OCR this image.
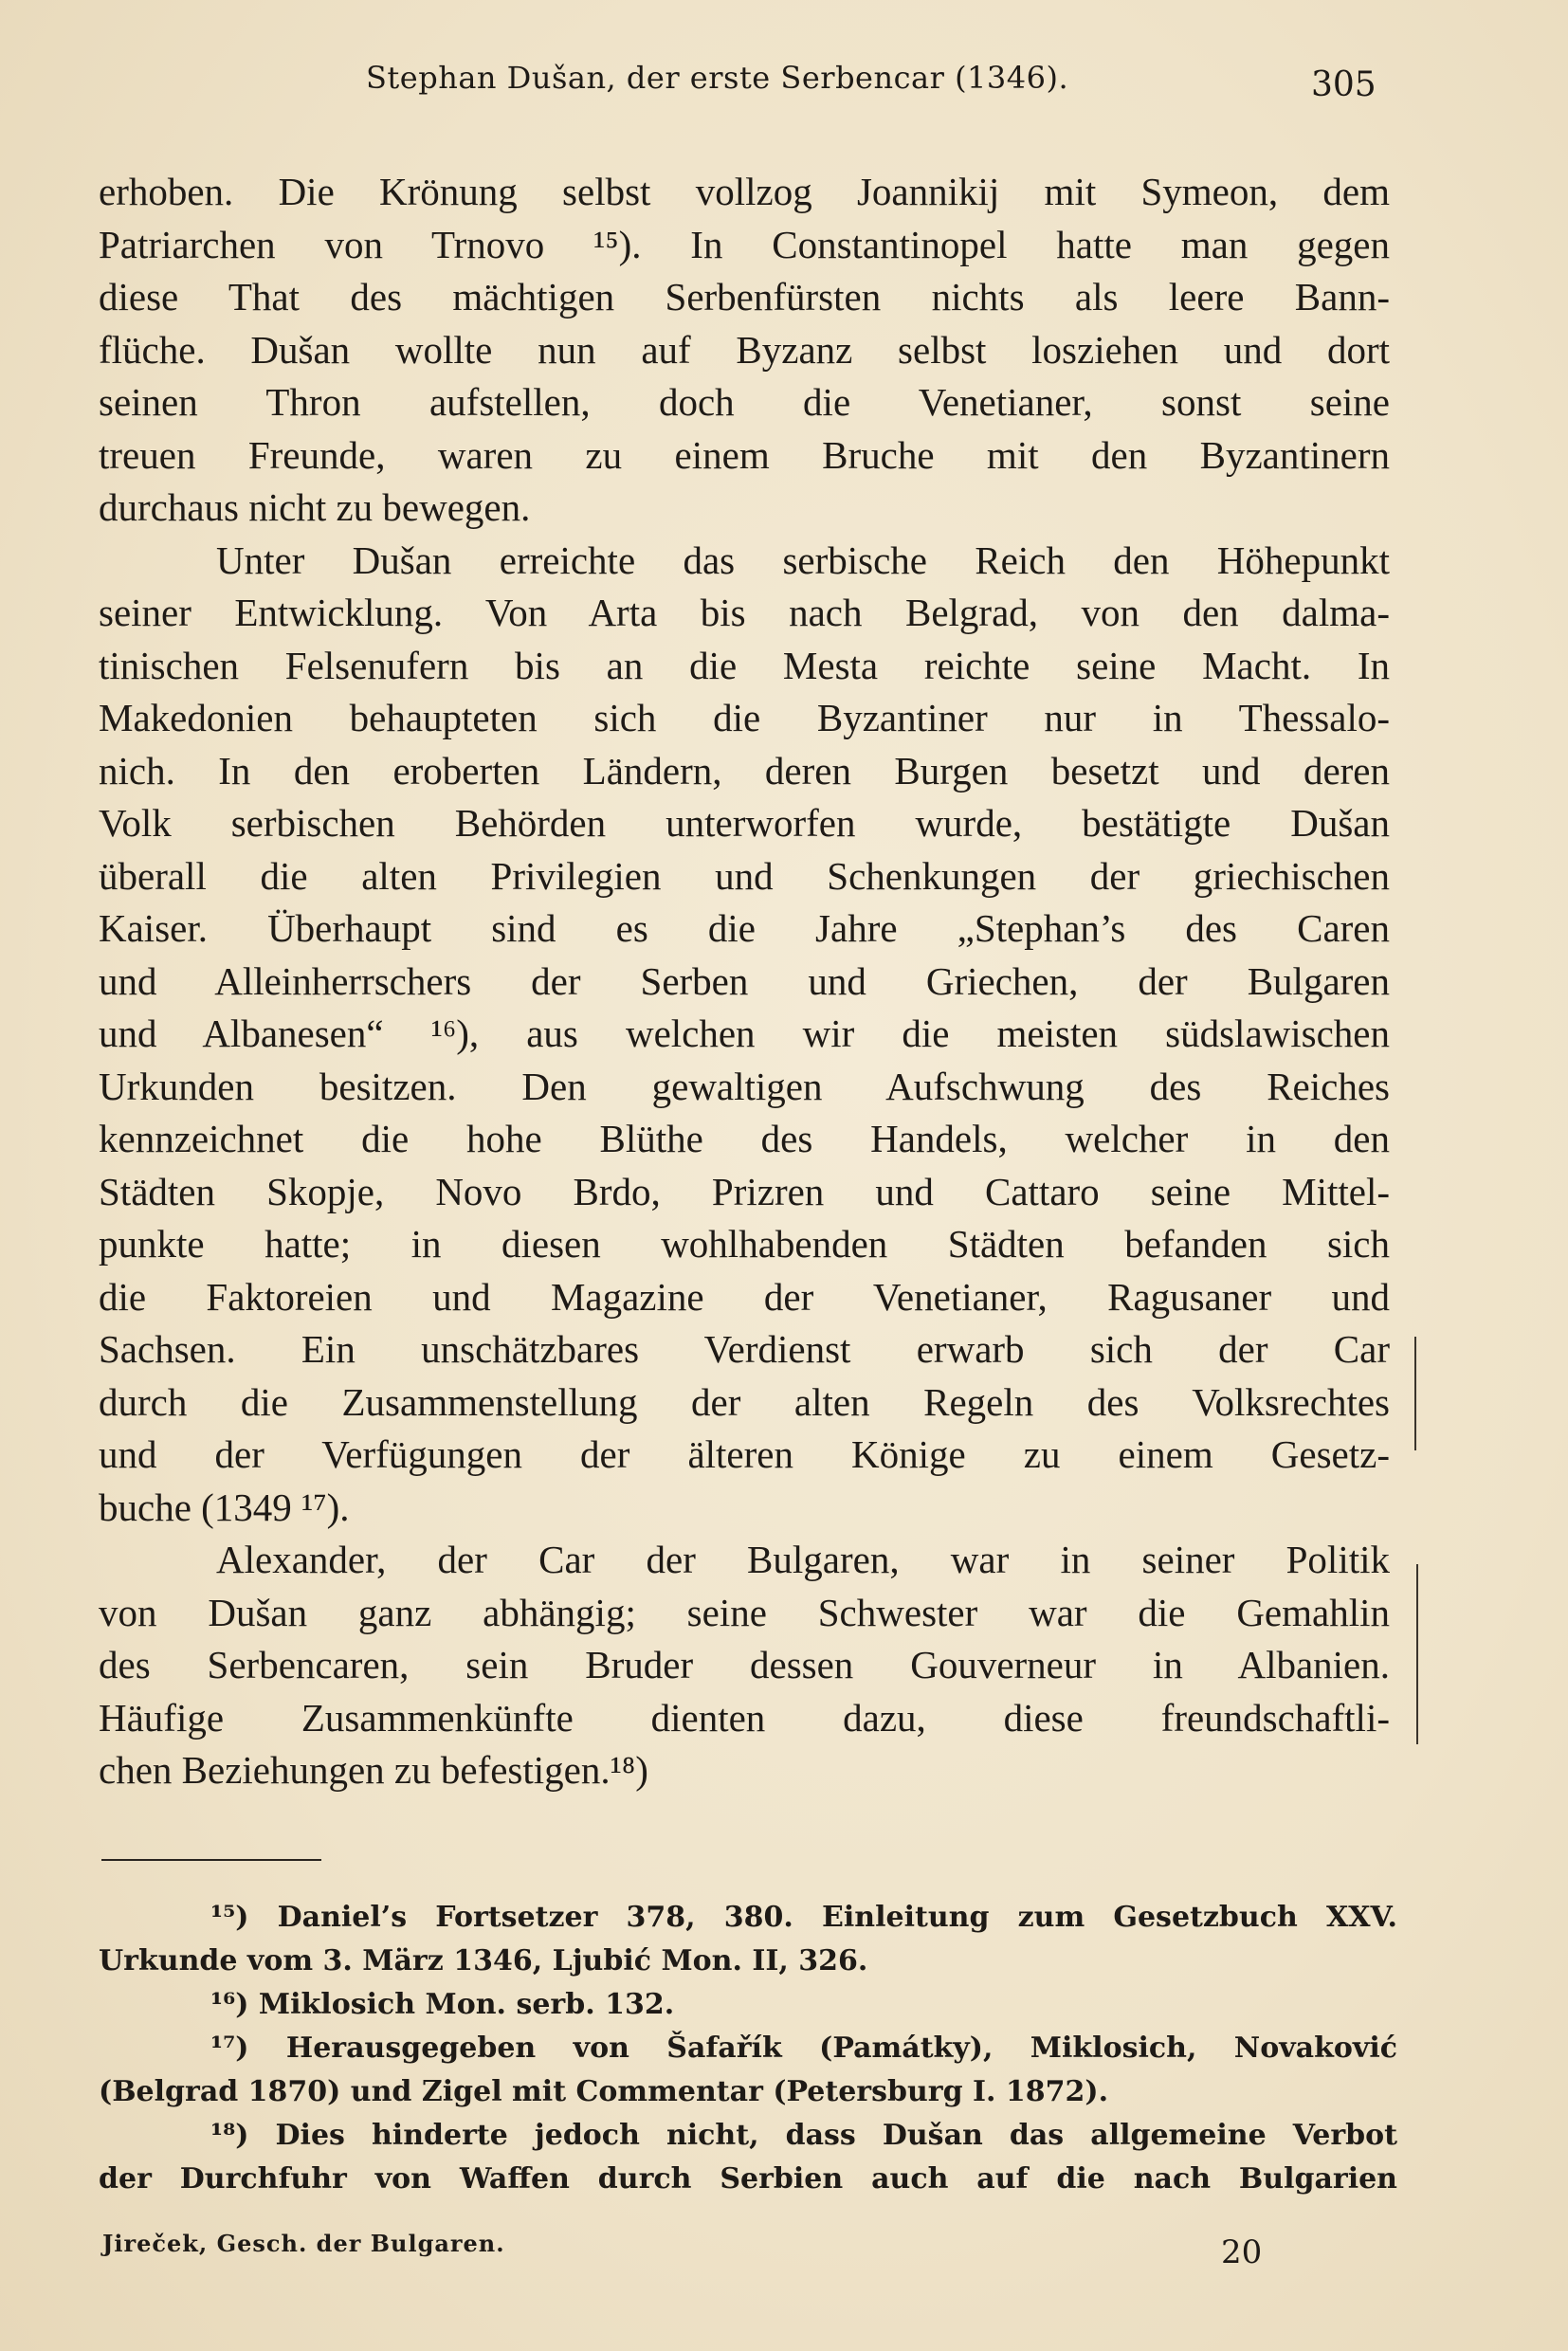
Stephan Dušan, der erste Serbencar (1346).	305
erhoben. Die Krönung selbst vollzog Joannikij mit Symeon, dem
Patriarchen von Trnovo ¹⁵). In Constantinopel hatte man gegen
diese That des mächtigen Serbenfürsten nichts als leere Bann-
flüche. Dušan wollte nun auf Byzanz selbst losziehen und dort
seinen Thron aufstellen, doch die Venetianer, sonst seine
treuen Freunde, waren zu einem Bruche mit den Byzantinern
durchaus nicht zu bewegen.
Unter Dušan erreichte das serbische Reich den Höhepunkt
seiner Entwicklung. Von Arta bis nach Belgrad, von den dalma-
tinischen Felsenufern bis an die Mesta reichte seine Macht. In
Makedonien behaupteten sich die Byzantiner nur in Thessalo-
nich. In den eroberten Ländern, deren Burgen besetzt und deren
Volk serbischen Behörden unterworfen wurde, bestätigte Dušan
überall die alten Privilegien und Schenkungen der griechischen
Kaiser. Überhaupt sind es die Jahre „Stephan’s des Caren
und Alleinherrschers der Serben und Griechen, der Bulgaren
und Albanesen“ ¹⁶), aus welchen wir die meisten südslawischen
Urkunden besitzen. Den gewaltigen Aufschwung des Reiches
kennzeichnet die hohe Blüthe des Handels, welcher in den
Städten Skopje, Novo Brdo, Prizren und Cattaro seine Mittel-
punkte hatte; in diesen wohlhabenden Städten befanden sich
die Faktoreien und Magazine der Venetianer, Ragusaner und
Sachsen. Ein unschätzbares Verdienst erwarb sich der Car
durch die Zusammenstellung der alten Regeln des Volksrechtes
und der Verfügungen der älteren Könige zu einem Gesetz-
buche (1349 ¹⁷).
Alexander, der Car der Bulgaren, war in seiner Politik
von Dušan ganz abhängig; seine Schwester war die Gemahlin
des Serbencaren, sein Bruder dessen Gouverneur in Albanien.
Häufige Zusammenkünfte dienten dazu, diese freundschaftli-
chen Beziehungen zu befestigen.¹⁸)
¹⁵) Daniel’s Fortsetzer 378, 380. Einleitung zum Gesetzbuch XXV.
Urkunde vom 3. März 1346, Ljubić Mon. II, 326.
¹⁶) Miklosich Mon. serb. 132.
¹⁷) Herausgegeben von Šafařík (Památky), Miklosich, Novaković
(Belgrad 1870) und Zigel mit Commentar (Petersburg I. 1872).
¹⁸) Dies hinderte jedoch nicht, dass Dušan das allgemeine Verbot
der Durchfuhr von Waffen durch Serbien auch auf die nach Bulgarien
Jireček, Gesch. der Bulgaren.	20
